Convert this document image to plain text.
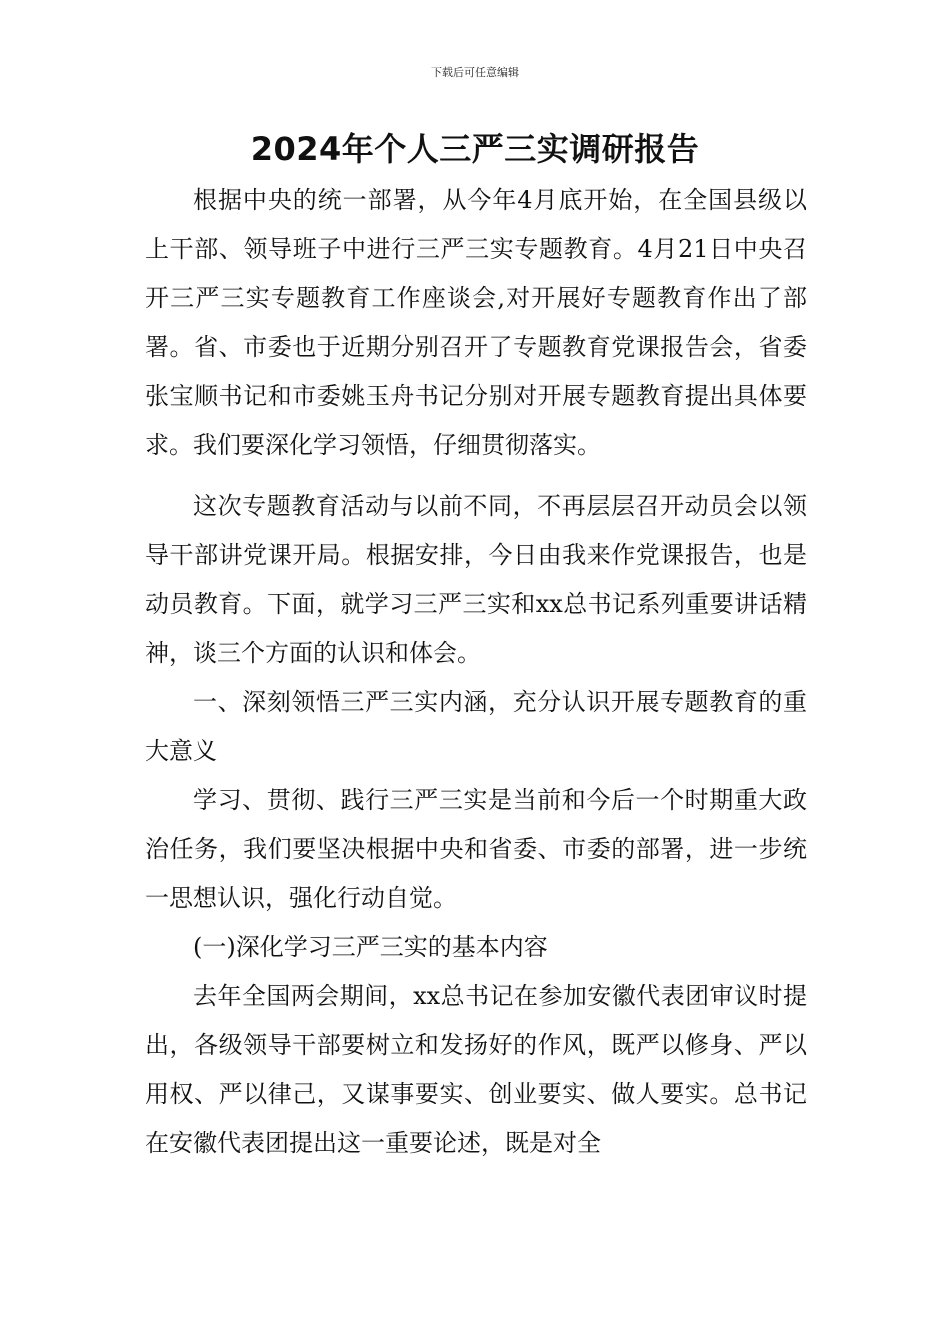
下载后可任意编辑
2024年个人三严三实调研报告

根据中央的统一部署，从今年4月底开始，在全国县级以上干部、领导班子中进行三严三实专题教育。4月21日中央召开三严三实专题教育工作座谈会,对开展好专题教育作出了部署。省、市委也于近期分别召开了专题教育党课报告会，省委张宝顺书记和市委姚玉舟书记分别对开展专题教育提出具体要求。我们要深化学习领悟，仔细贯彻落实。

这次专题教育活动与以前不同，不再层层召开动员会以领导干部讲党课开局。根据安排，今日由我来作党课报告，也是动员教育。下面，就学习三严三实和xx总书记系列重要讲话精神，谈三个方面的认识和体会。

一、深刻领悟三严三实内涵，充分认识开展专题教育的重大意义

学习、贯彻、践行三严三实是当前和今后一个时期重大政治任务，我们要坚决根据中央和省委、市委的部署，进一步统一思想认识，强化行动自觉。

(一)深化学习三严三实的基本内容

去年全国两会期间，xx总书记在参加安徽代表团审议时提出，各级领导干部要树立和发扬好的作风，既严以修身、严以用权、严以律己，又谋事要实、创业要实、做人要实。总书记在安徽代表团提出这一重要论述，既是对全
